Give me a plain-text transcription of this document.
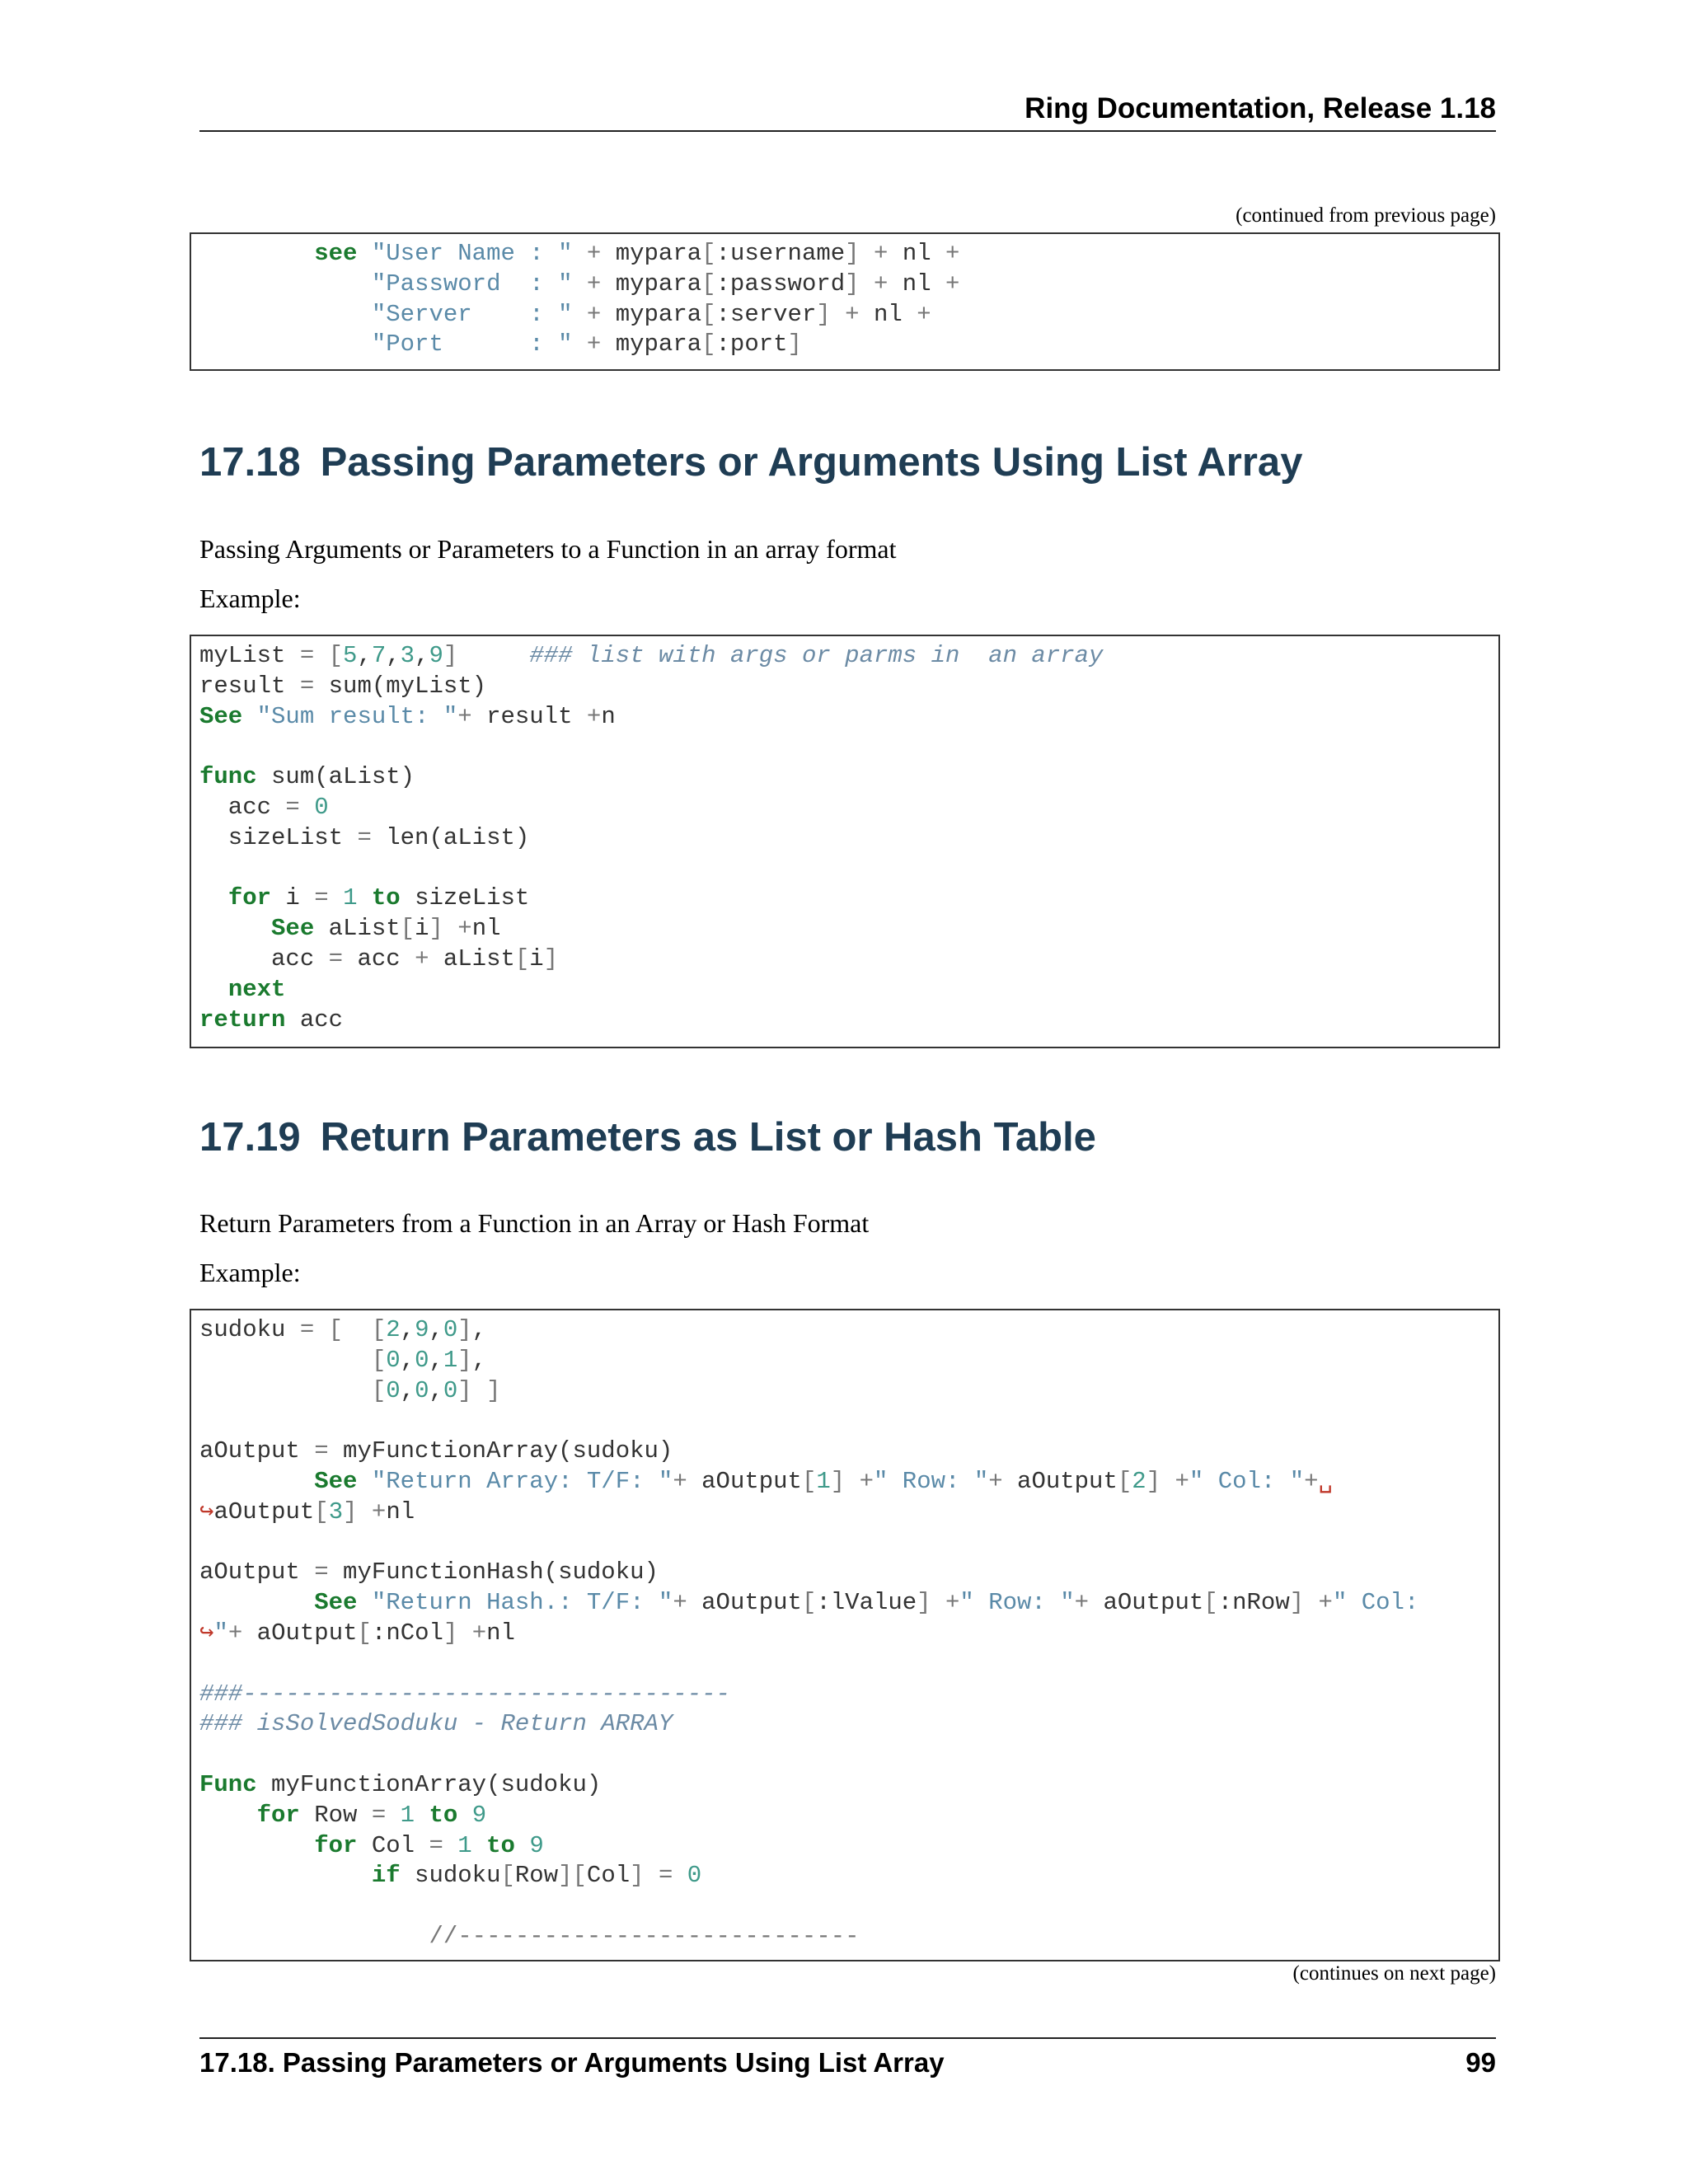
Ring Documentation, Release 1.18
(continued from previous page)
see "User Name : " + mypara[:username] + nl +
"Password  : " + mypara[:password] + nl +
"Server    : " + mypara[:server] + nl +
"Port      : " + mypara[:port]
17.18 Passing Parameters or Arguments Using List Array
Passing Arguments or Parameters to a Function in an array format
Example:
myList = [5,7,3,9]	### list with args or parms in  an array
result = sum(myList)
See "Sum result: "+ result +n

func sum(aList)
acc = 0
sizeList = len(aList)

for i = 1 to sizeList
See aList[i] +nl
acc = acc + aList[i]
next
return acc
17.19 Return Parameters as List or Hash Table
Return Parameters from a Function in an Array or Hash Format
Example:
sudoku = [ [2,9,0],
[0,0,1],
[0,0,0] ]

aOutput = myFunctionArray(sudoku)
See "Return Array: T/F: "+ aOutput[1] +" Row: "+ aOutput[2] +" Col: "+␣
↪aOutput[3] +nl

aOutput = myFunctionHash(sudoku)
See "Return Hash.: T/F: "+ aOutput[:lValue] +" Row: "+ aOutput[:nRow] +" Col:
↪"+ aOutput[:nCol] +nl

###----------------------------------
### isSolvedSoduku - Return ARRAY

Func myFunctionArray(sudoku)
for Row = 1 to 9
for Col = 1 to 9
if sudoku[Row][Col] = 0

//----------------------------
(continues on next page)
17.18. Passing Parameters or Arguments Using List Array	99
